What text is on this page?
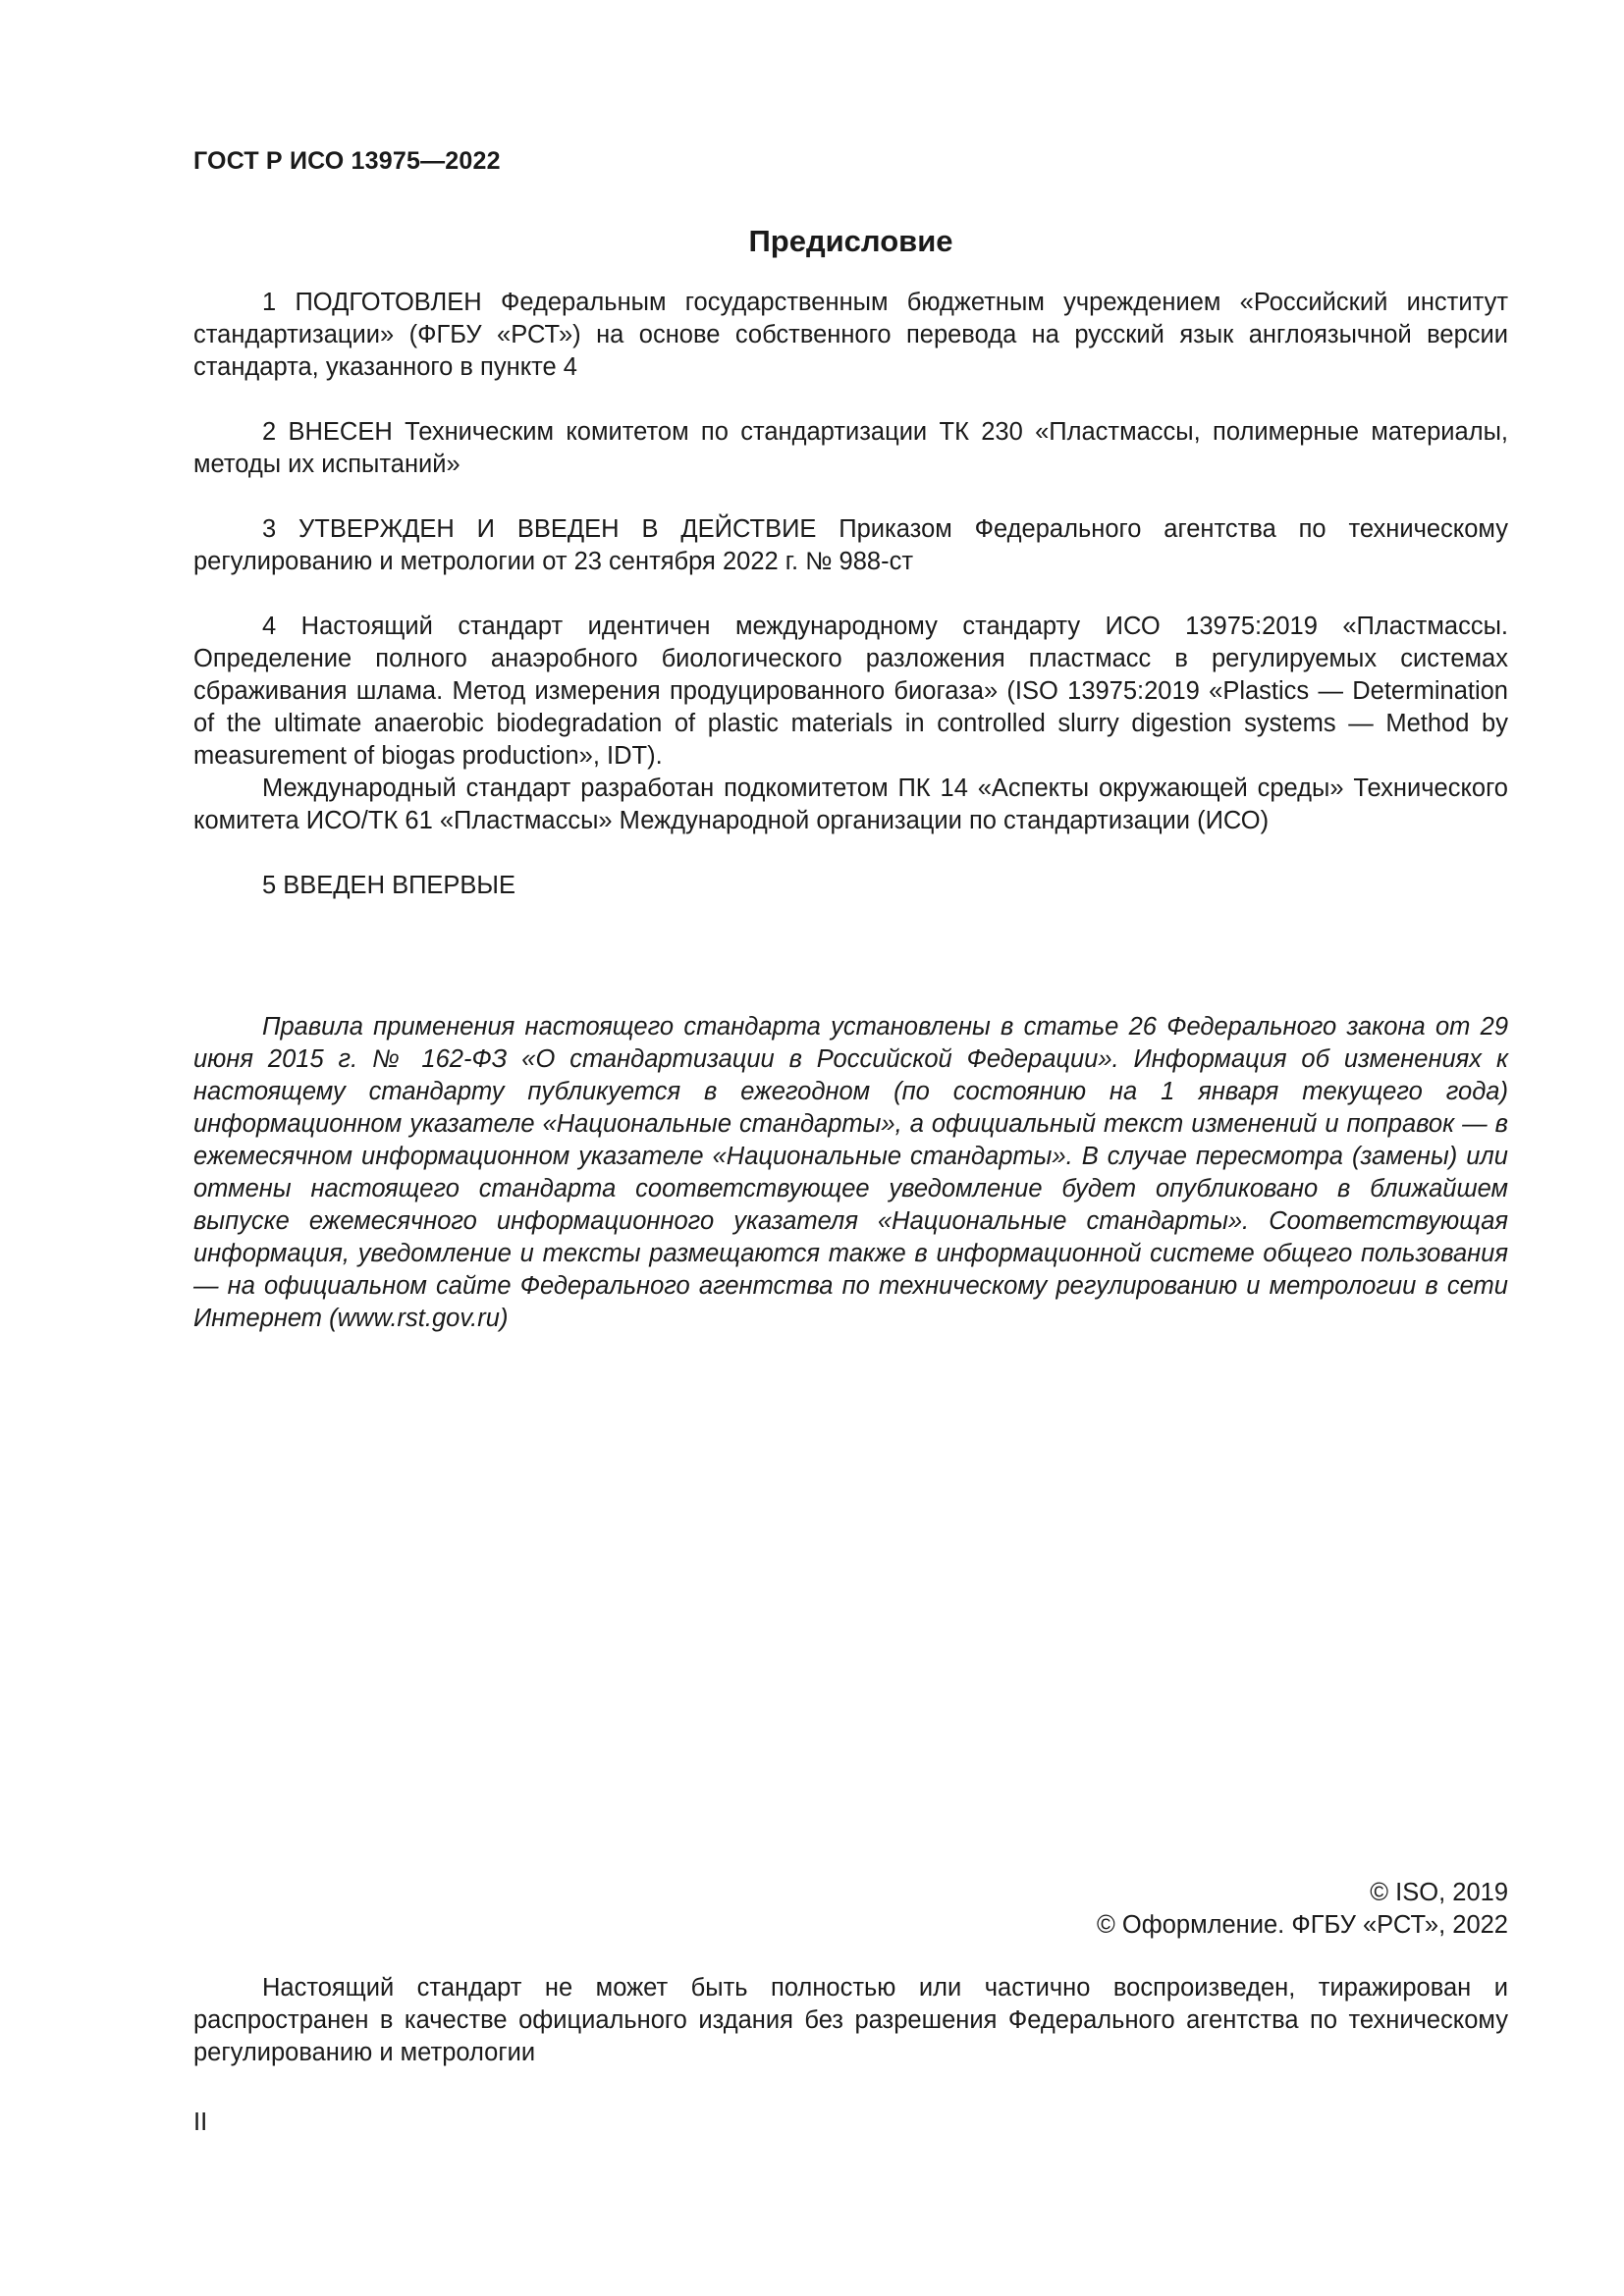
ГОСТ Р ИСО 13975—2022
Предисловие

1 ПОДГОТОВЛЕН Федеральным государственным бюджетным учреждением «Российский институт стандартизации» (ФГБУ «РСТ») на основе собственного перевода на русский язык англоязычной версии стандарта, указанного в пункте 4

2 ВНЕСЕН Техническим комитетом по стандартизации ТК 230 «Пластмассы, полимерные материалы, методы их испытаний»

3 УТВЕРЖДЕН И ВВЕДЕН В ДЕЙСТВИЕ Приказом Федерального агентства по техническому регулированию и метрологии от 23 сентября 2022 г. № 988-ст

4 Настоящий стандарт идентичен международному стандарту ИСО 13975:2019 «Пластмассы. Определение полного анаэробного биологического разложения пластмасс в регулируемых системах сбраживания шлама. Метод измерения продуцированного биогаза» (ISO 13975:2019 «Plastics — Determination of the ultimate anaerobic biodegradation of plastic materials in controlled slurry digestion systems — Method by measurement of biogas production», IDT).

Международный стандарт разработан подкомитетом ПК 14 «Аспекты окружающей среды» Технического комитета ИСО/ТК 61 «Пластмассы» Международной организации по стандартизации (ИСО)

5 ВВЕДЕН ВПЕРВЫЕ

Правила применения настоящего стандарта установлены в статье 26 Федерального закона от 29 июня 2015 г. № 162-ФЗ «О стандартизации в Российской Федерации». Информация об изменениях к настоящему стандарту публикуется в ежегодном (по состоянию на 1 января текущего года) информационном указателе «Национальные стандарты», а официальный текст изменений и поправок — в ежемесячном информационном указателе «Национальные стандарты». В случае пересмотра (замены) или отмены настоящего стандарта соответствующее уведомление будет опубликовано в ближайшем выпуске ежемесячного информационного указателя «Национальные стандарты». Соответствующая информация, уведомление и тексты размещаются также в информационной системе общего пользования — на официальном сайте Федерального агентства по техническому регулированию и метрологии в сети Интернет (www.rst.gov.ru)

© ISO, 2019
© Оформление. ФГБУ «РСТ», 2022

Настоящий стандарт не может быть полностью или частично воспроизведен, тиражирован и распространен в качестве официального издания без разрешения Федерального агентства по техническому регулированию и метрологии

II
